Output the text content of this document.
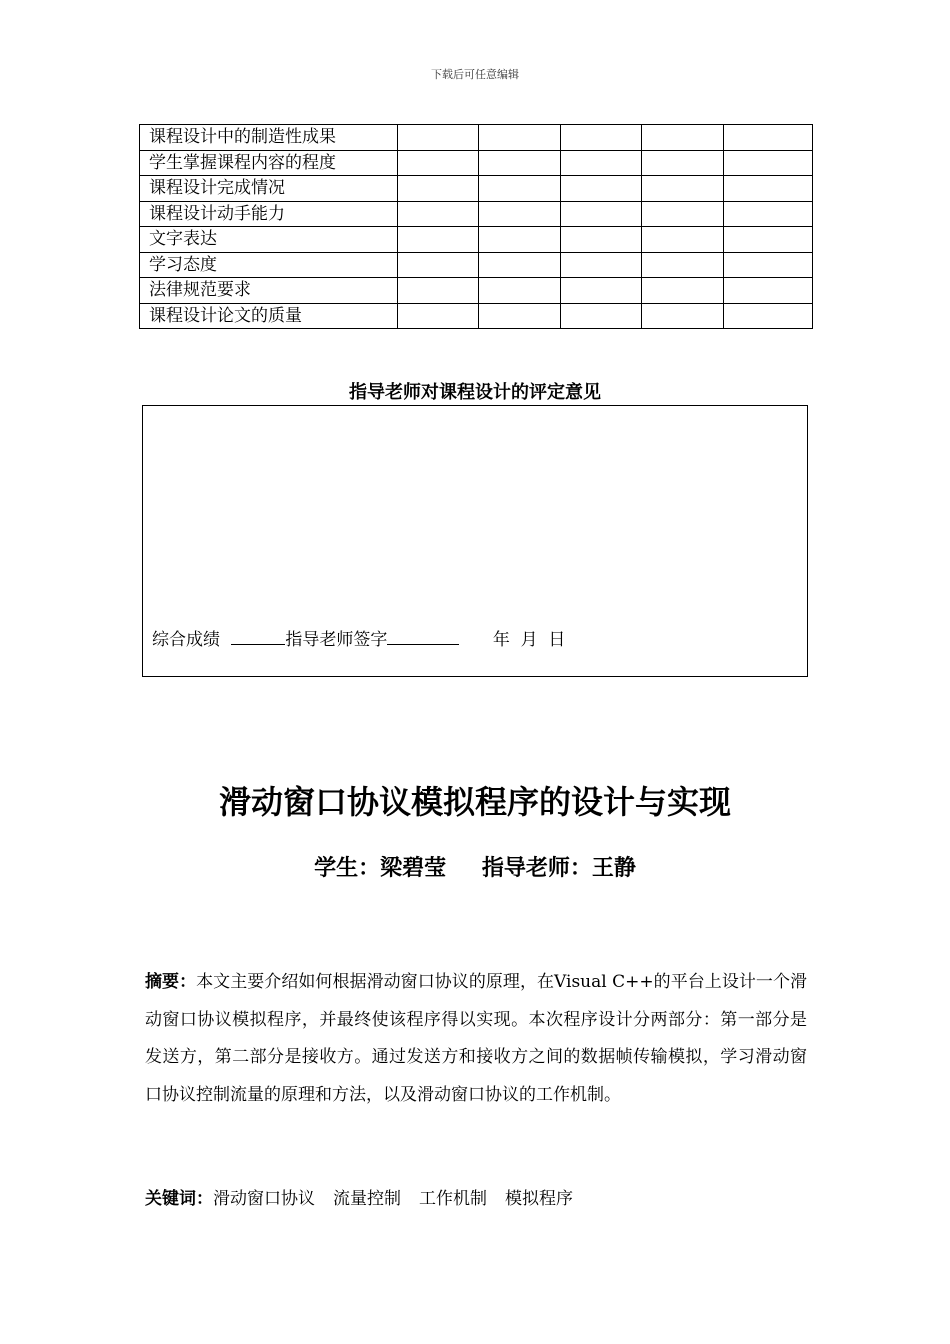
下载后可任意编辑
课程设计中的制造性成果					
学生掌握课程内容的程度					
课程设计完成情况					
课程设计动手能力					
文字表达					
学习态度					
法律规范要求					
课程设计论文的质量					
指导老师对课程设计的评定意见
综合成绩	指导老师签字	年  月  日
滑动窗口协议模拟程序的设计与实现
学生：梁碧莹 指导老师：王静
摘要：本文主要介绍如何根据滑动窗口协议的原理，在Visual C++的平台上设计一个滑动窗口协议模拟程序，并最终使该程序得以实现。本次程序设计分两部分：第一部分是发送方，第二部分是接收方。通过发送方和接收方之间的数据帧传输模拟，学习滑动窗口协议控制流量的原理和方法，以及滑动窗口协议的工作机制。
关键词：滑动窗口协议 流量控制 工作机制 模拟程序
